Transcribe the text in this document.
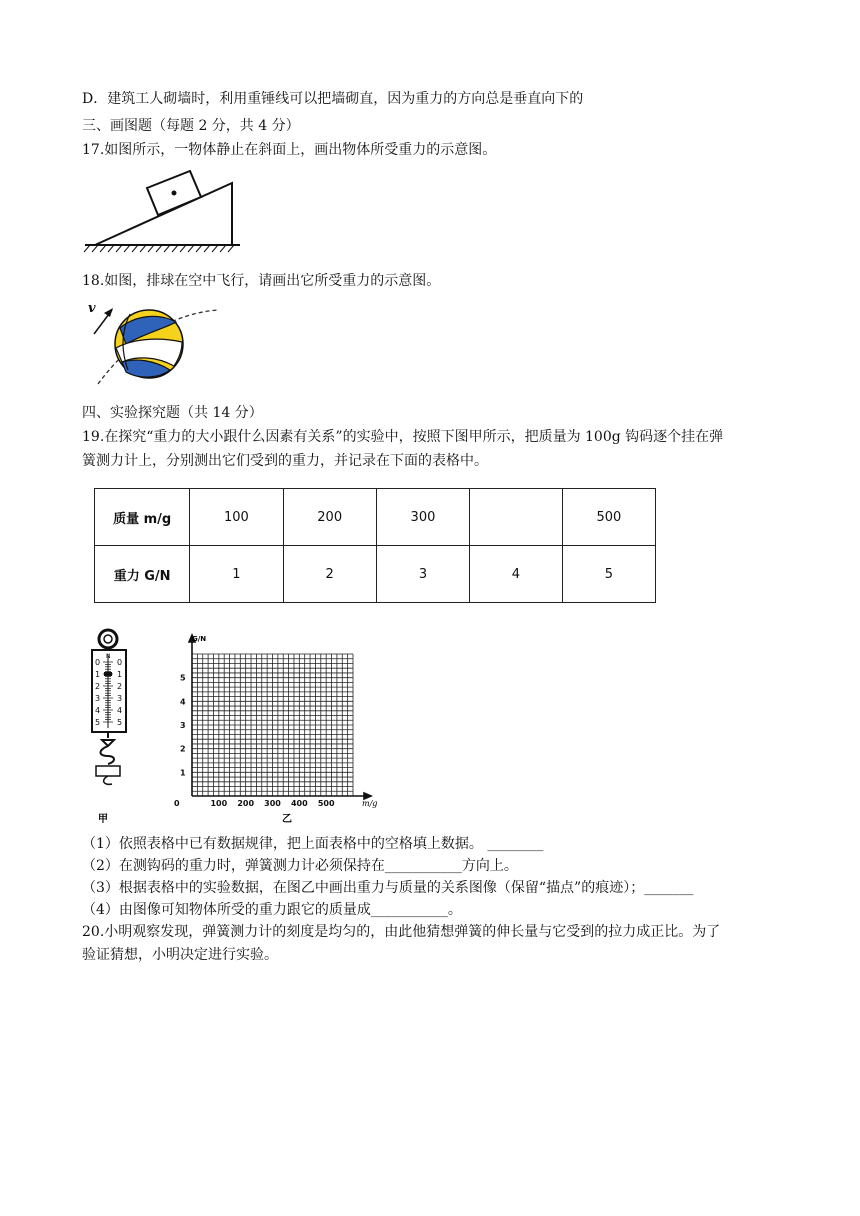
D．建筑工人砌墙时，利用重锤线可以把墙砌直，因为重力的方向总是垂直向下的
三、画图题（每题 2 分，共 4 分）
17.如图所示，一物体静止在斜面上，画出物体所受重力的示意图。
18.如图，排球在空中飞行，请画出它所受重力的示意图。
v
四、实验探究题（共 14 分）
19.在探究“重力的大小跟什么因素有关系”的实验中，按照下图甲所示，把质量为 100g 钩码逐个挂在弹
簧测力计上，分别测出它们受到的重力，并记录在下面的表格中。
质量 m/g	100	200	300		500
重力 G/N	1	2	3	4	5
N
0 0
1 1
2 2
3 3
4 4
5 5
甲
0	100 200 300 400 500
1
2
3
4
5
G/N
m/g
乙
（1）依照表格中已有数据规律，把上面表格中的空格填上数据。 ________
（2）在测钩码的重力时，弹簧测力计必须保持在___________方向上。
（3）根据表格中的实验数据，在图乙中画出重力与质量的关系图像（保留“描点”的痕迹）；_______
（4）由图像可知物体所受的重力跟它的质量成___________。
20.小明观察发现，弹簧测力计的刻度是均匀的，由此他猜想弹簧的伸长量与它受到的拉力成正比。为了
验证猜想，小明决定进行实验。
